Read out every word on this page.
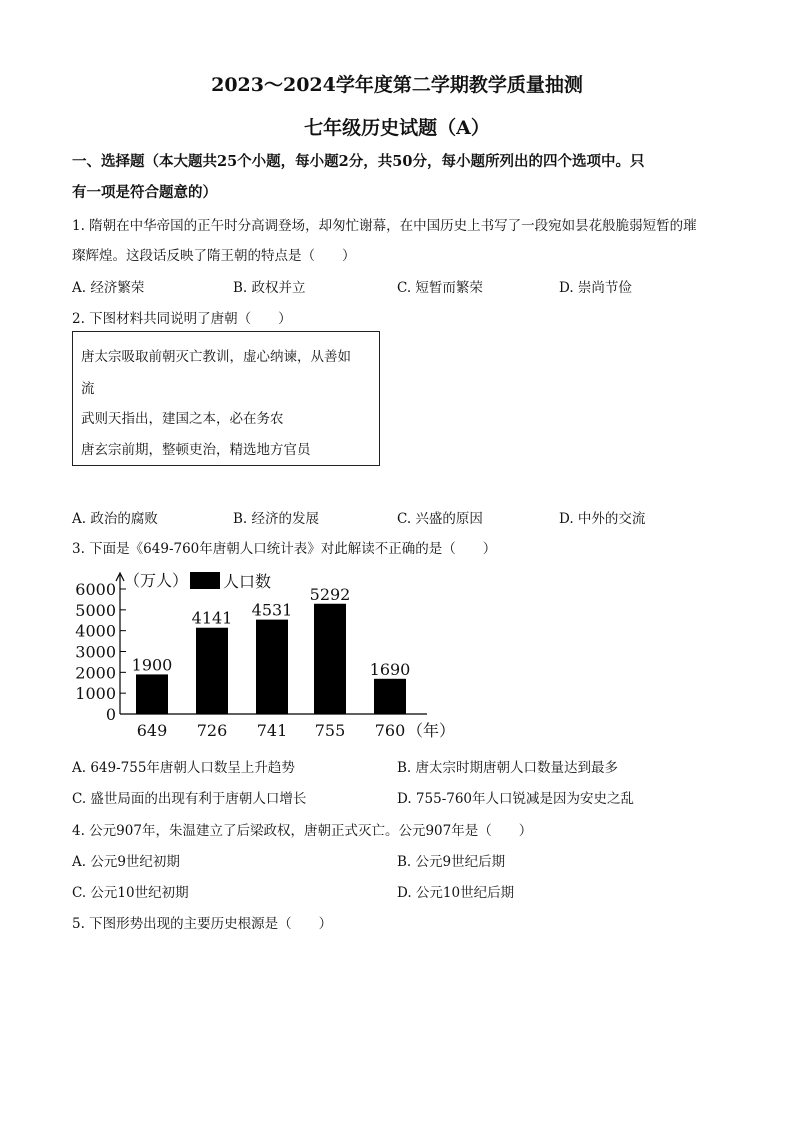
2023～2024学年度第二学期教学质量抽测
七年级历史试题（A）
一、选择题（本大题共25个小题，每小题2分，共50分，每小题所列出的四个选项中。只
有一项是符合题意的）
1. 隋朝在中华帝国的正午时分高调登场，却匆忙谢幕，在中国历史上书写了一段宛如昙花般脆弱短暂的璀
璨辉煌。这段话反映了隋王朝的特点是（　　）
A. 经济繁荣	B. 政权并立	C. 短暂而繁荣	D. 崇尚节俭
2. 下图材料共同说明了唐朝（　　）
唐太宗吸取前朝灭亡教训，虚心纳谏，从善如
流
武则天指出，建国之本，必在务农
唐玄宗前期，整顿吏治，精选地方官员
A. 政治的腐败	B. 经济的发展	C. 兴盛的原因	D. 中外的交流
3. 下面是《649-760年唐朝人口统计表》对此解读不正确的是（　　）
0
1000
2000
3000
4000
5000
6000 （万人） 人口数
1900
649
4141
726
4531
741
5292
755
1690
760 （年）
A. 649-755年唐朝人口数呈上升趋势	B. 唐太宗时期唐朝人口数量达到最多
C. 盛世局面的出现有利于唐朝人口增长	D. 755-760年人口锐减是因为安史之乱
4. 公元907年，朱温建立了后梁政权，唐朝正式灭亡。公元907年是（　　）
A. 公元9世纪初期	B. 公元9世纪后期
C. 公元10世纪初期	D. 公元10世纪后期
5. 下图形势出现的主要历史根源是（　　）
